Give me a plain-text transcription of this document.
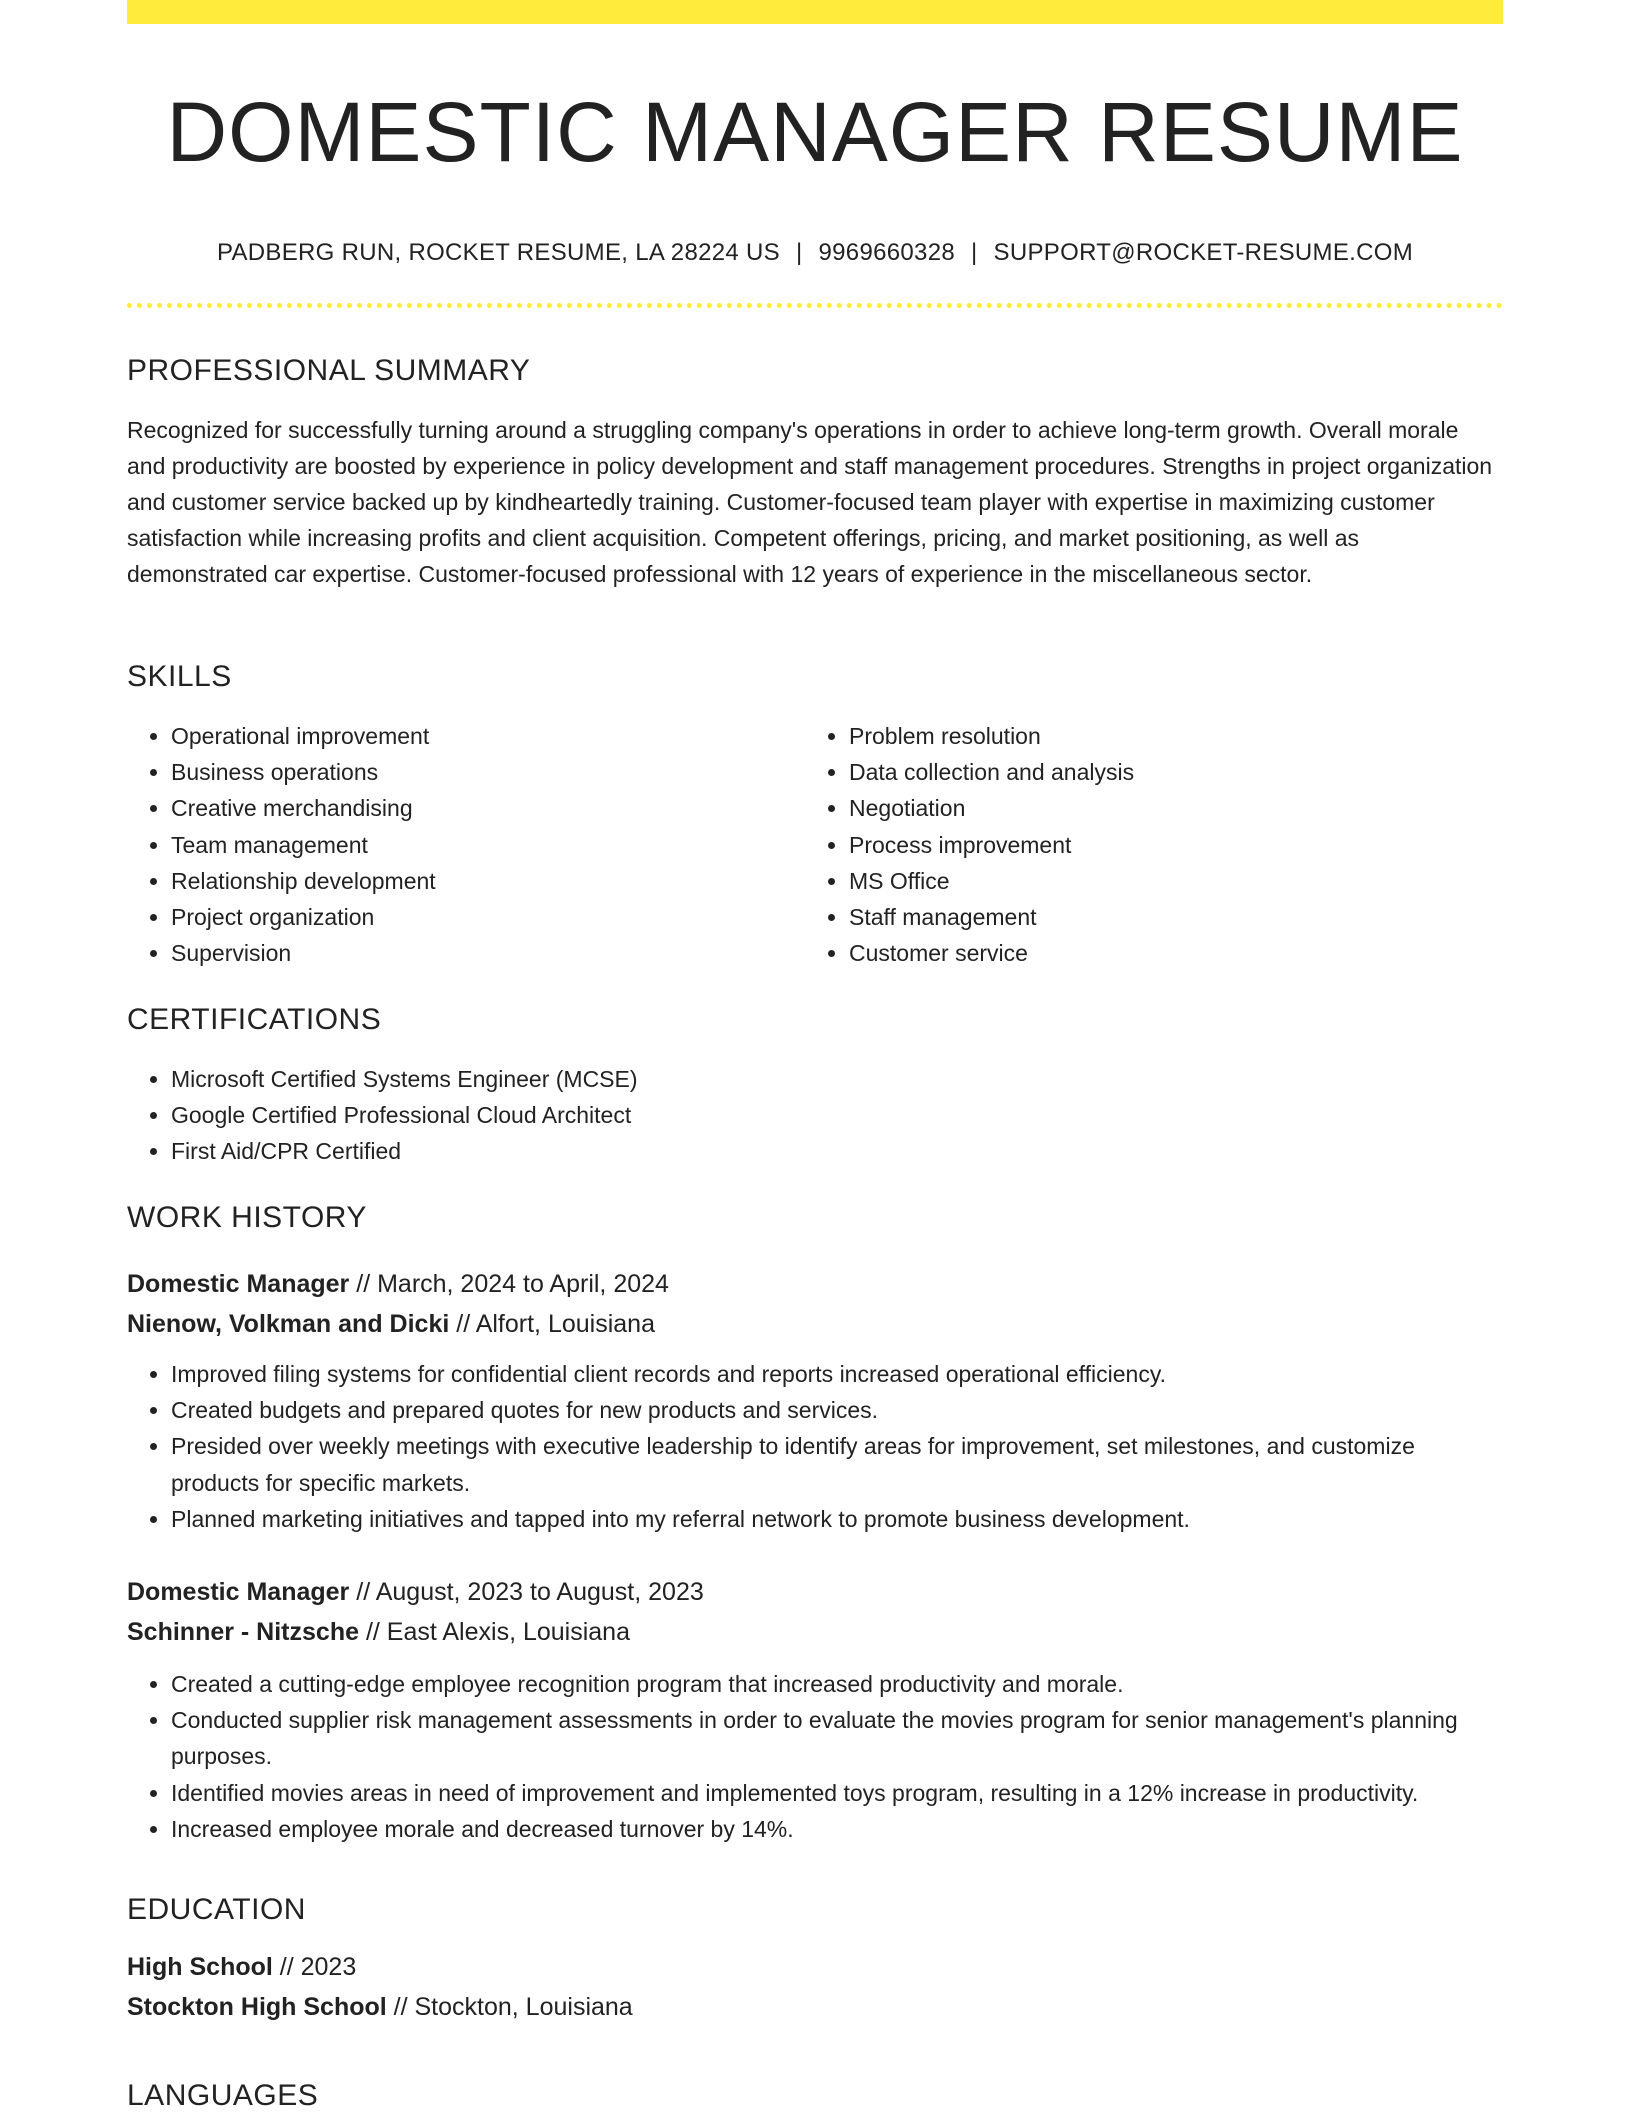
DOMESTIC MANAGER RESUME
PADBERG RUN, ROCKET RESUME, LA 28224 US | 9969660328 | SUPPORT@ROCKET-RESUME.COM
PROFESSIONAL SUMMARY

Recognized for successfully turning around a struggling company's operations in order to achieve long-term growth. Overall morale and productivity are boosted by experience in policy development and staff management procedures. Strengths in project organization and customer service backed up by kindheartedly training. Customer-focused team player with expertise in maximizing customer satisfaction while increasing profits and client acquisition. Competent offerings, pricing, and market positioning, as well as demonstrated car expertise. Customer-focused professional with 12 years of experience in the miscellaneous sector.

SKILLS
• Operational improvement
• Business operations
• Creative merchandising
• Team management
• Relationship development
• Project organization
• Supervision
• Problem resolution
• Data collection and analysis
• Negotiation
• Process improvement
• MS Office
• Staff management
• Customer service
CERTIFICATIONS
• Microsoft Certified Systems Engineer (MCSE)
• Google Certified Professional Cloud Architect
• First Aid/CPR Certified
WORK HISTORY

Domestic Manager // March, 2024 to April, 2024

Nienow, Volkman and Dicki // Alfort, Louisiana

• Improved filing systems for confidential client records and reports increased operational efficiency.
• Created budgets and prepared quotes for new products and services.
• Presided over weekly meetings with executive leadership to identify areas for improvement, set milestones, and customize products for specific markets.
• Planned marketing initiatives and tapped into my referral network to promote business development.

Domestic Manager // August, 2023 to August, 2023

Schinner - Nitzsche // East Alexis, Louisiana

• Created a cutting-edge employee recognition program that increased productivity and morale.
• Conducted supplier risk management assessments in order to evaluate the movies program for senior management's planning purposes.
• Identified movies areas in need of improvement and implemented toys program, resulting in a 12% increase in productivity.
• Increased employee morale and decreased turnover by 14%.
EDUCATION

High School // 2023

Stockton High School // Stockton, Louisiana

LANGUAGES
